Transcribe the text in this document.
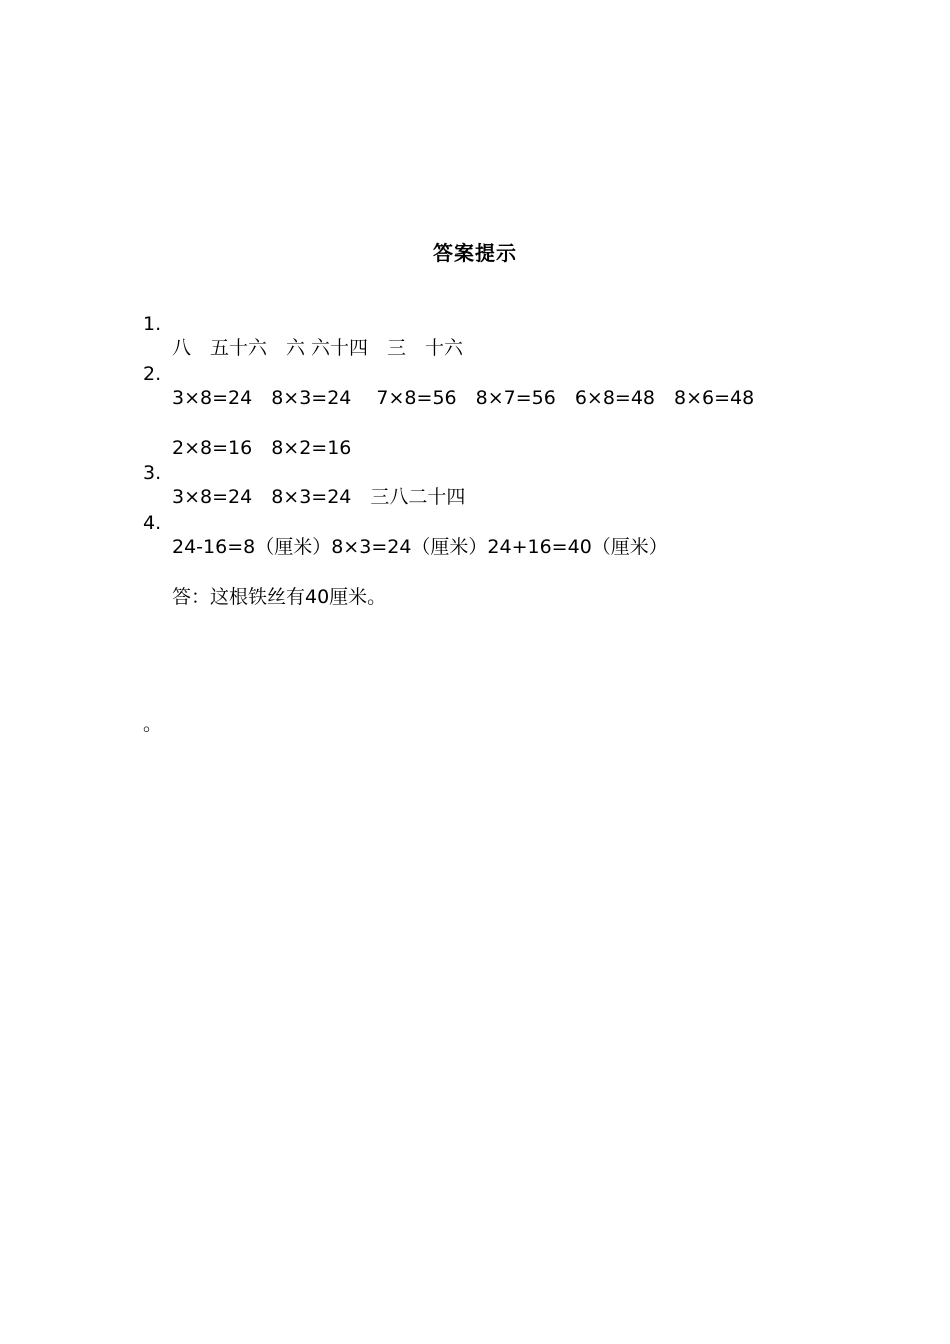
答案提示

1.

八　五十六　六 六十四　三　十六

2.

3×8=24　8×3=24　 7×8=56　8×7=56　6×8=48　8×6=48

2×8=16　8×2=16

3.

3×8=24　8×3=24　三八二十四

4.

24-16=8（厘米）8×3=24（厘米）24+16=40（厘米）

答：这根铁丝有40厘米。

。
